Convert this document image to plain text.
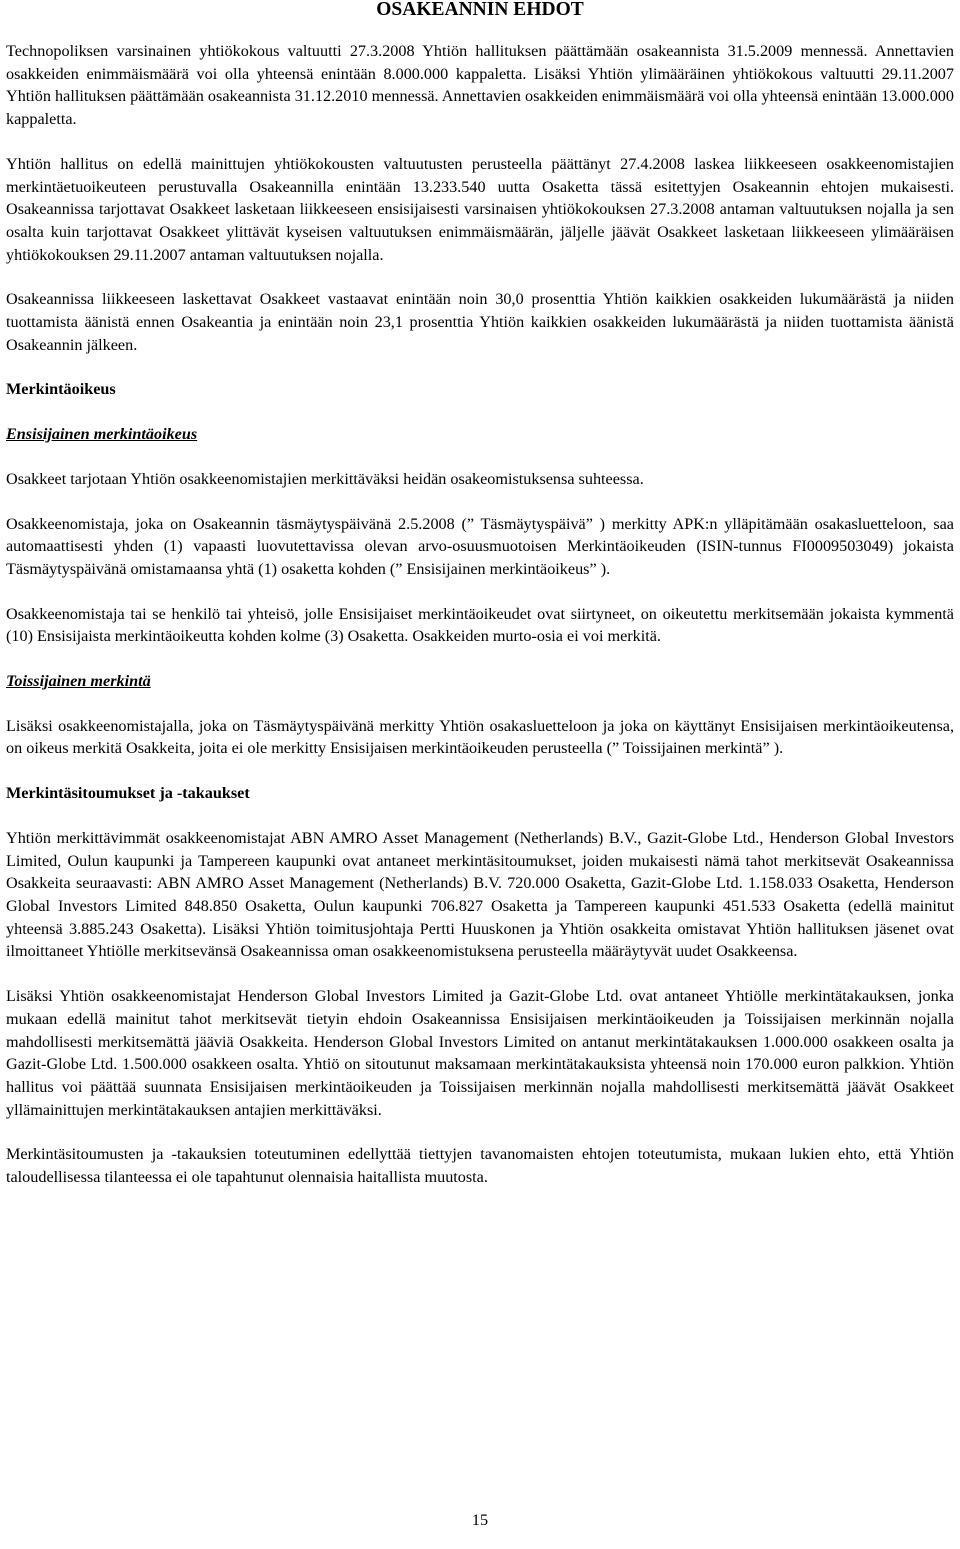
OSAKEANNIN EHDOT

Technopoliksen varsinainen yhtiökokous valtuutti 27.3.2008 Yhtiön hallituksen päättämään osakeannista 31.5.2009 mennessä. Annettavien osakkeiden enimmäismäärä voi olla yhteensä enintään 8.000.000 kappaletta. Lisäksi Yhtiön ylimääräinen yhtiökokous valtuutti 29.11.2007 Yhtiön hallituksen päättämään osakeannista 31.12.2010 mennessä. Annettavien osakkeiden enimmäismäärä voi olla yhteensä enintään 13.000.000 kappaletta.

Yhtiön hallitus on edellä mainittujen yhtiökokousten valtuutusten perusteella päättänyt 27.4.2008 laskea liikkeeseen osakkeenomistajien merkintäetuoikeuteen perustuvalla Osakeannilla enintään 13.233.540 uutta Osaketta tässä esitettyjen Osakeannin ehtojen mukaisesti. Osakeannissa tarjottavat Osakkeet lasketaan liikkeeseen ensisijaisesti varsinaisen yhtiökokouksen 27.3.2008 antaman valtuutuksen nojalla ja sen osalta kuin tarjottavat Osakkeet ylittävät kyseisen valtuutuksen enimmäismäärän, jäljelle jäävät Osakkeet lasketaan liikkeeseen ylimääräisen yhtiökokouksen 29.11.2007 antaman valtuutuksen nojalla.

Osakeannissa liikkeeseen laskettavat Osakkeet vastaavat enintään noin 30,0 prosenttia Yhtiön kaikkien osakkeiden lukumäärästä ja niiden tuottamista äänistä ennen Osakeantia ja enintään noin 23,1 prosenttia Yhtiön kaikkien osakkeiden lukumäärästä ja niiden tuottamista äänistä Osakeannin jälkeen.

Merkintäoikeus

Ensisijainen merkintäoikeus

Osakkeet tarjotaan Yhtiön osakkeenomistajien merkittäväksi heidän osakeomistuksensa suhteessa.

Osakkeenomistaja, joka on Osakeannin täsmäytyspäivänä 2.5.2008 (” Täsmäytyspäivä” ) merkitty APK:n ylläpitämään osakasluetteloon, saa automaattisesti yhden (1) vapaasti luovutettavissa olevan arvo-osuusmuotoisen Merkintäoikeuden (ISIN-tunnus FI0009503049) jokaista Täsmäytyspäivänä omistamaansa yhtä (1) osaketta kohden (” Ensisijainen merkintäoikeus” ).

Osakkeenomistaja tai se henkilö tai yhteisö, jolle Ensisijaiset merkintäoikeudet ovat siirtyneet, on oikeutettu merkitsemään jokaista kymmentä (10) Ensisijaista merkintäoikeutta kohden kolme (3) Osaketta. Osakkeiden murto-osia ei voi merkitä.

Toissijainen merkintä

Lisäksi osakkeenomistajalla, joka on Täsmäytyspäivänä merkitty Yhtiön osakasluetteloon ja joka on käyttänyt Ensisijaisen merkintäoikeutensa, on oikeus merkitä Osakkeita, joita ei ole merkitty Ensisijaisen merkintäoikeuden perusteella (” Toissijainen merkintä” ).

Merkintäsitoumukset ja -takaukset

Yhtiön merkittävimmät osakkeenomistajat ABN AMRO Asset Management (Netherlands) B.V., Gazit-Globe Ltd., Henderson Global Investors Limited, Oulun kaupunki ja Tampereen kaupunki ovat antaneet merkintäsitoumukset, joiden mukaisesti nämä tahot merkitsevät Osakeannissa Osakkeita seuraavasti: ABN AMRO Asset Management (Netherlands) B.V. 720.000 Osaketta, Gazit-Globe Ltd. 1.158.033 Osaketta, Henderson Global Investors Limited 848.850 Osaketta, Oulun kaupunki 706.827 Osaketta ja Tampereen kaupunki 451.533 Osaketta (edellä mainitut yhteensä 3.885.243 Osaketta). Lisäksi Yhtiön toimitusjohtaja Pertti Huuskonen ja Yhtiön osakkeita omistavat Yhtiön hallituksen jäsenet ovat ilmoittaneet Yhtiölle merkitsevänsä Osakeannissa oman osakkeenomistuksena perusteella määräytyvät uudet Osakkeensa.

Lisäksi Yhtiön osakkeenomistajat Henderson Global Investors Limited ja Gazit-Globe Ltd. ovat antaneet Yhtiölle merkintätakauksen, jonka mukaan edellä mainitut tahot merkitsevät tietyin ehdoin Osakeannissa Ensisijaisen merkintäoikeuden ja Toissijaisen merkinnän nojalla mahdollisesti merkitsemättä jääviä Osakkeita. Henderson Global Investors Limited on antanut merkintätakauksen 1.000.000 osakkeen osalta ja Gazit-Globe Ltd. 1.500.000 osakkeen osalta. Yhtiö on sitoutunut maksamaan merkintätakauksista yhteensä noin 170.000 euron palkkion. Yhtiön hallitus voi päättää suunnata Ensisijaisen merkintäoikeuden ja Toissijaisen merkinnän nojalla mahdollisesti merkitsemättä jäävät Osakkeet yllämainittujen merkintätakauksen antajien merkittäväksi.

Merkintäsitoumusten ja -takauksien toteutuminen edellyttää tiettyjen tavanomaisten ehtojen toteutumista, mukaan lukien ehto, että Yhtiön taloudellisessa tilanteessa ei ole tapahtunut olennaisia haitallista muutosta.

15
